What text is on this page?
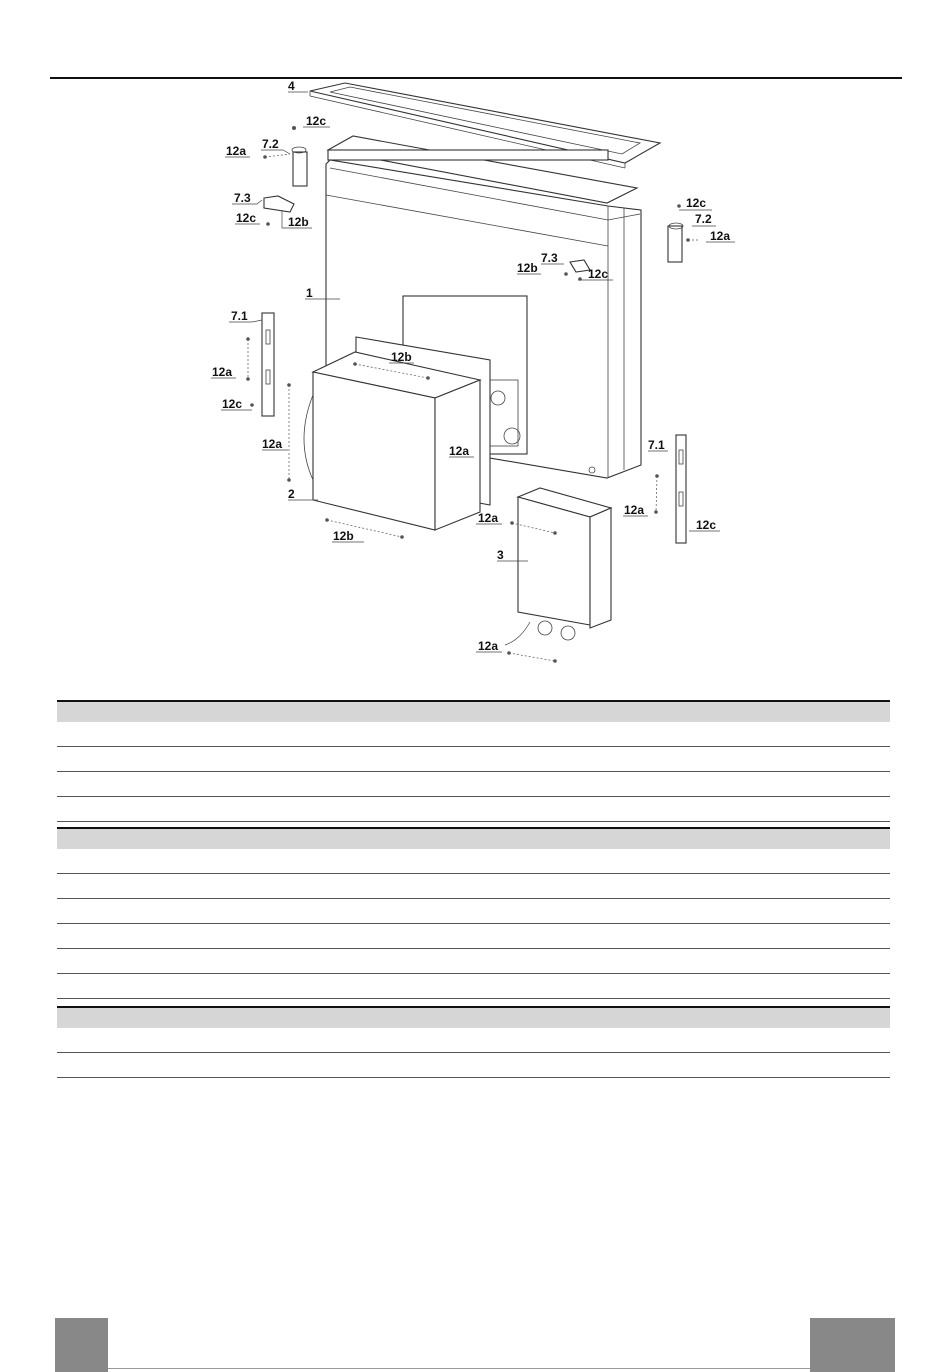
4
12c
7.2
12a
7.3
12c	12b
12c
7.2
12a
7.3
12b	12c
1
7.1
12b
12a
12c
12a	12a
2
12a
12b
3
7.1
12a
12c
12a
